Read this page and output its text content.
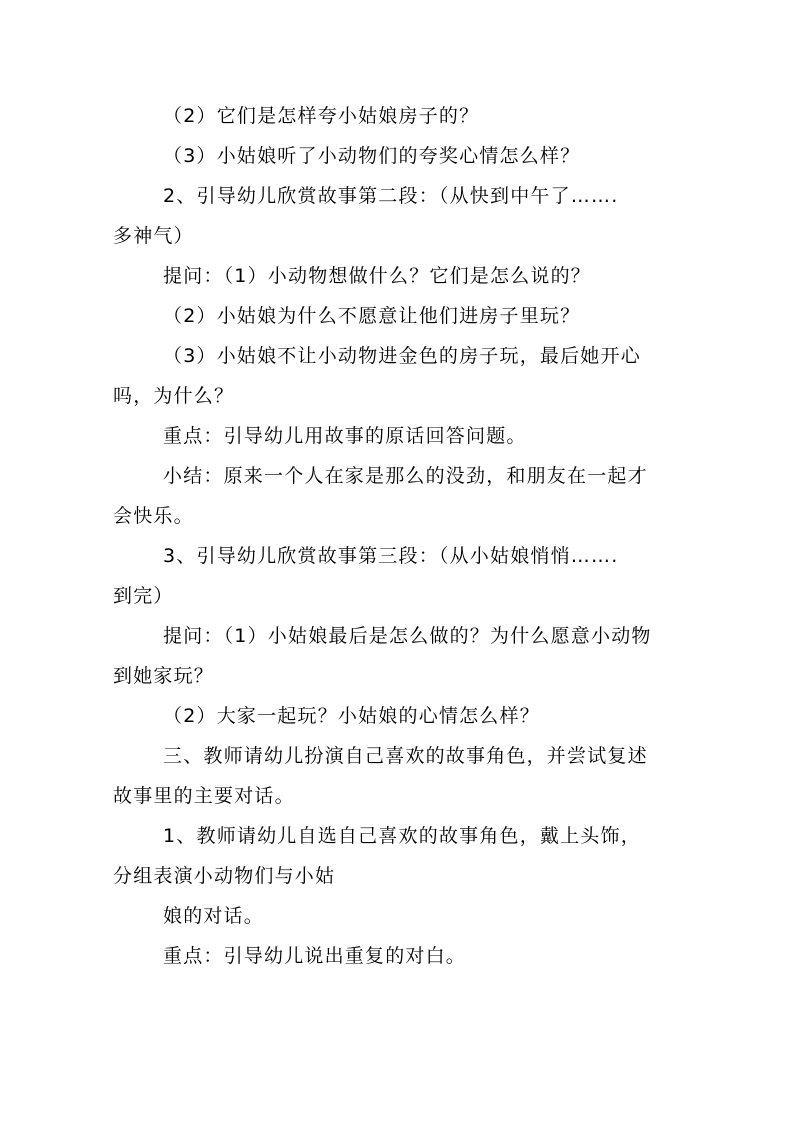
（2）它们是怎样夸小姑娘房子的？
（3）小姑娘听了小动物们的夸奖心情怎么样？
2、引导幼儿欣赏故事第二段：（从快到中午了…….
多神气）
提问：（1）小动物想做什么？它们是怎么说的？
（2）小姑娘为什么不愿意让他们进房子里玩？
（3）小姑娘不让小动物进金色的房子玩，最后她开心
吗，为什么？
重点：引导幼儿用故事的原话回答问题。
小结：原来一个人在家是那么的没劲，和朋友在一起才
会快乐。
3、引导幼儿欣赏故事第三段：（从小姑娘悄悄…….
到完）
提问：（1）小姑娘最后是怎么做的？为什么愿意小动物
到她家玩？
（2）大家一起玩？小姑娘的心情怎么样？
三、教师请幼儿扮演自己喜欢的故事角色，并尝试复述
故事里的主要对话。
1、教师请幼儿自选自己喜欢的故事角色，戴上头饰，
分组表演小动物们与小姑
娘的对话。
重点：引导幼儿说出重复的对白。
